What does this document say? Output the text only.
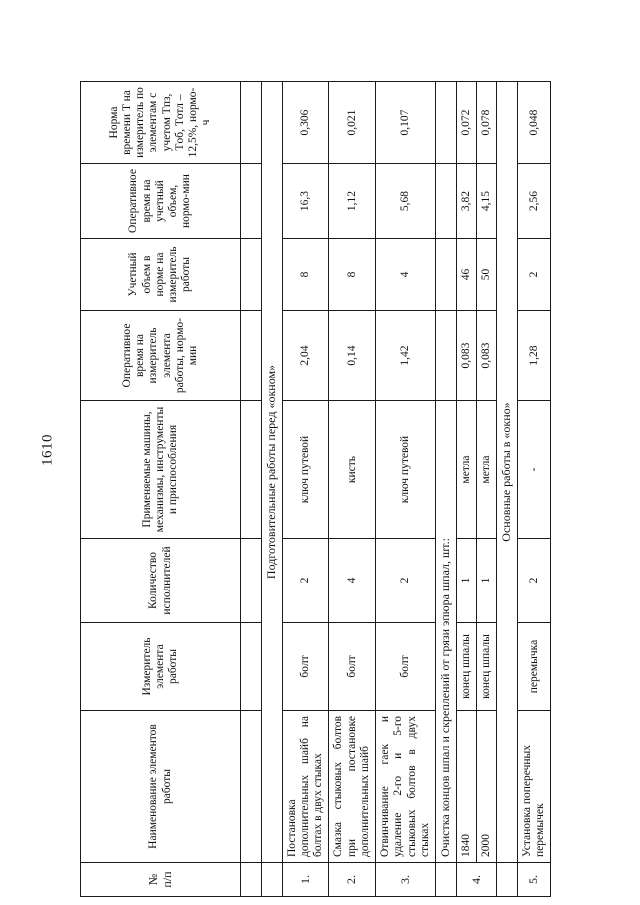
1610
№ п/п	Наименование элементов работы	Измеритель элемента работы	Количество исполнителей	Применяемые машины, механизмы, инструменты и приспособления	Оперативное время на измеритель элемента работы, нормо-мин	Учетный объем в норме на измеритель работы	Оперативное время на учетный объем, нормо-мин	Норма времени T на измеритель по элементам с учетом Tпз, Tоб, Tотл – 12,5%, нормо-ч

	Подготовительные работы перед «окном»							
1.	Постановка дополнительных шайб на болтах в двух стыках	болт	2	ключ путевой	2,04	8	16,3	0,306
2.	Смазка стыковых болтов при постановке дополнительных шайб	болт	4	кисть	0,14	8	1,12	0,021
3.	Отвинчивание гаек и удаление 2-го и 5-го стыковых болтов в двух стыках	болт	2	ключ путевой	1,42	4	5,68	0,107
	Очистка концов шпал и скреплений от грязи эпюра шпал, шт.:							
4.	1840	конец шпалы	1	метла	0,083	46	3,82	0,072
	2000	конец шпалы	1	метла	0,083	50	4,15	0,078
	Основные работы в «окно»							
5.	Установка поперечных перемычек	перемычка	2	-	1,28	2	2,56	0,048
